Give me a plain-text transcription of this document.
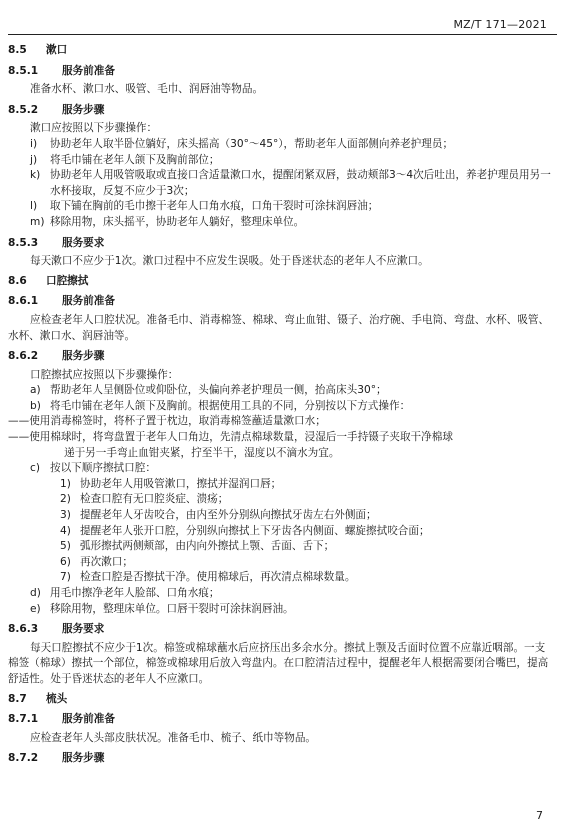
MZ/T 171—2021

8.5 漱口

8.5.1 服务前准备

准备水杯、漱口水、吸管、毛巾、润唇油等物品。

8.5.2 服务步骤

漱口应按照以下步骤操作：

i)	协助老年人取半卧位躺好，床头摇高（30°～45°），帮助老年人面部侧向养老护理员；
j)	将毛巾铺在老年人颌下及胸前部位；
k) 协助老年人用吸管吸取或直接口含适量漱口水，提醒闭紧双唇，鼓动颊部3～4次后吐出，养老护理员用另一水杯接取，反复不应少于3次；
l)	取下铺在胸前的毛巾擦干老年人口角水痕，口角干裂时可涂抹润唇油；
m) 移除用物，床头摇平，协助老年人躺好，整理床单位。

8.5.3 服务要求

每天漱口不应少于1次。漱口过程中不应发生误吸。处于昏迷状态的老年人不应漱口。

8.6 口腔擦拭

8.6.1 服务前准备

应检查老年人口腔状况。准备毛巾、消毒棉签、棉球、弯止血钳、镊子、治疗碗、手电筒、弯盘、水杯、吸管、水杯、漱口水、润唇油等。

8.6.2 服务步骤

口腔擦拭应按照以下步骤操作：

a) 帮助老年人呈侧卧位或仰卧位，头偏向养老护理员一侧，抬高床头30°；
b) 将毛巾铺在老年人颌下及胸前。根据使用工具的不同，分别按以下方式操作：

——使用消毒棉签时，将杯子置于枕边，取消毒棉签蘸适量漱口水；

——使用棉球时，将弯盘置于老年人口角边，先清点棉球数量，浸湿后一手持镊子夹取干净棉球

递于另一手弯止血钳夹紧，拧至半干，湿度以不滴水为宜。

c) 按以下顺序擦拭口腔：
1) 协助老年人用吸管漱口，擦拭并湿润口唇；
2) 检查口腔有无口腔炎症、溃疡；
3) 提醒老年人牙齿咬合，由内至外分别纵向擦拭牙齿左右外侧面；
4) 提醒老年人张开口腔，分别纵向擦拭上下牙齿各内侧面、螺旋擦拭咬合面；
5) 弧形擦拭两侧颊部，由内向外擦拭上颚、舌面、舌下；
6) 再次漱口；
7) 检查口腔是否擦拭干净。使用棉球后，再次清点棉球数量。
d) 用毛巾擦净老年人脸部、口角水痕；
e) 移除用物，整理床单位。口唇干裂时可涂抹润唇油。

8.6.3 服务要求

每天口腔擦拭不应少于1次。棉签或棉球蘸水后应挤压出多余水分。擦拭上颚及舌面时位置不应靠近咽部。一支棉签（棉球）擦拭一个部位，棉签或棉球用后放入弯盘内。在口腔清洁过程中，提醒老年人根据需要闭合嘴巴，提高舒适性。处于昏迷状态的老年人不应漱口。

8.7 梳头

8.7.1 服务前准备

应检查老年人头部皮肤状况。准备毛巾、梳子、纸巾等物品。

8.7.2 服务步骤

7
